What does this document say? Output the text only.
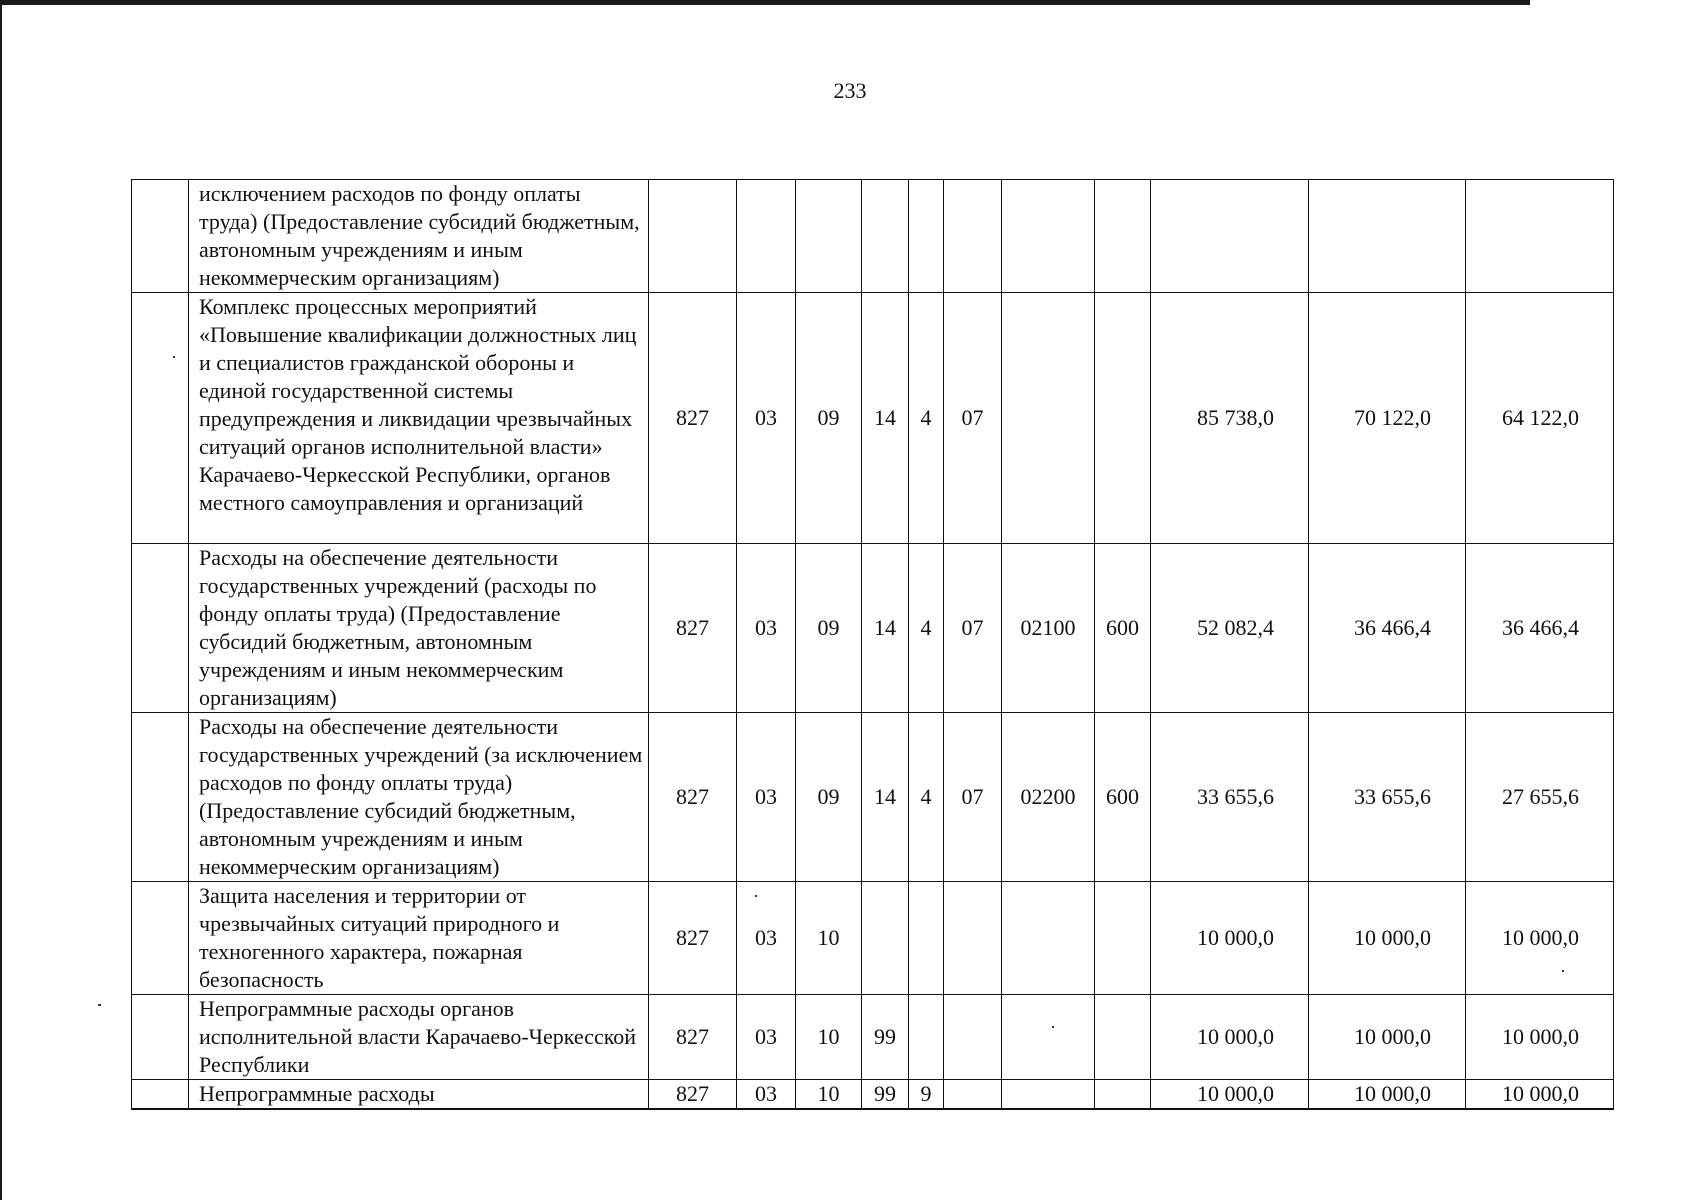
233
	исключением расходов по фонду оплаты труда) (Предоставление субсидий бюджетным, автономным учреждениям и иным некоммерческим организациям)											
	Комплекс процессных мероприятий «Повышение квалификации должностных лиц и специалистов гражданской обороны и единой государственной системы предупреждения и ликвидации чрезвычайных ситуаций органов исполнительной власти» Карачаево-Черкесской Республики, органов местного самоуправления и организаций	827	03	09	14	4	07			85 738,0	70 122,0	64 122,0
	Расходы на обеспечение деятельности государственных учреждений (расходы по фонду оплаты труда) (Предоставление субсидий бюджетным, автономным учреждениям и иным некоммерческим организациям)	827	03	09	14	4	07	02100	600	52 082,4	36 466,4	36 466,4
	Расходы на обеспечение деятельности государственных учреждений (за исключением расходов по фонду оплаты труда) (Предоставление субсидий бюджетным, автономным учреждениям и иным некоммерческим организациям)	827	03	09	14	4	07	02200	600	33 655,6	33 655,6	27 655,6
	Защита населения и территории от чрезвычайных ситуаций природного и техногенного характера, пожарная безопасность	827	03	10						10 000,0	10 000,0	10 000,0
	Непрограммные расходы органов исполнительной власти Карачаево-Черкесской Республики	827	03	10	99					10 000,0	10 000,0	10 000,0
	Непрограммные расходы	827	03	10	99	9				10 000,0	10 000,0	10 000,0
